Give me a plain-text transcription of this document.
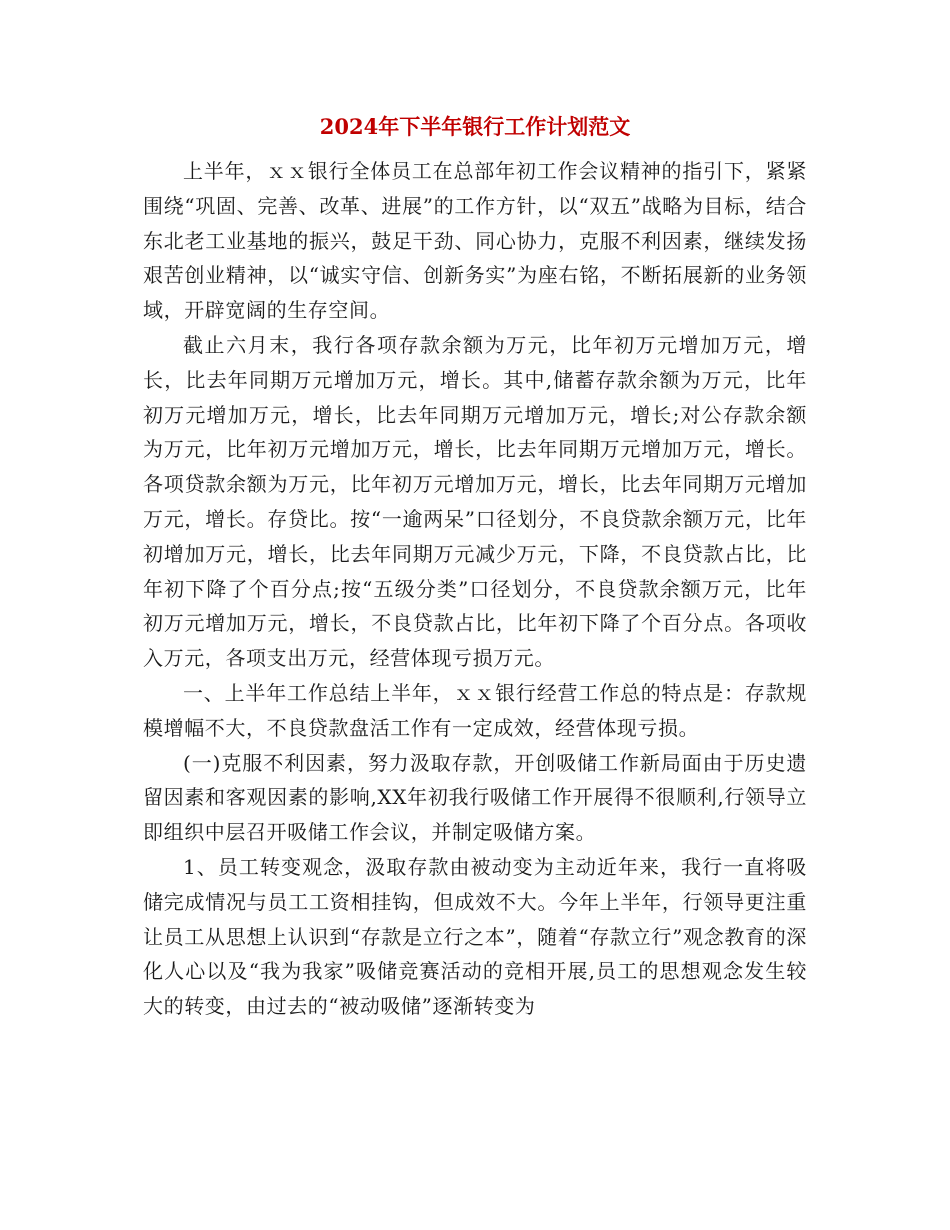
2024年下半年银行工作计划范文

上半年，ｘｘ银行全体员工在总部年初工作会议精神的指引下，紧紧围绕“巩固、完善、改革、进展”的工作方针，以“双五”战略为目标，结合东北老工业基地的振兴，鼓足干劲、同心协力，克服不利因素，继续发扬艰苦创业精神，以“诚实守信、创新务实”为座右铭，不断拓展新的业务领域，开辟宽阔的生存空间。

截止六月末，我行各项存款余额为万元，比年初万元增加万元，增长，比去年同期万元增加万元，增长。其中,储蓄存款余额为万元，比年初万元增加万元，增长，比去年同期万元增加万元，增长;对公存款余额为万元，比年初万元增加万元，增长，比去年同期万元增加万元，增长。各项贷款余额为万元，比年初万元增加万元，增长，比去年同期万元增加万元，增长。存贷比。按“一逾两呆”口径划分，不良贷款余额万元，比年初增加万元，增长，比去年同期万元减少万元，下降，不良贷款占比，比年初下降了个百分点;按“五级分类”口径划分，不良贷款余额万元，比年初万元增加万元，增长，不良贷款占比，比年初下降了个百分点。各项收入万元，各项支出万元，经营体现亏损万元。

一、上半年工作总结上半年，ｘｘ银行经营工作总的特点是：存款规模增幅不大，不良贷款盘活工作有一定成效，经营体现亏损。

(一)克服不利因素，努力汲取存款，开创吸储工作新局面由于历史遗留因素和客观因素的影响,XX年初我行吸储工作开展得不很顺利,行领导立即组织中层召开吸储工作会议，并制定吸储方案。

1、员工转变观念，汲取存款由被动变为主动近年来，我行一直将吸储完成情况与员工工资相挂钩，但成效不大。今年上半年，行领导更注重让员工从思想上认识到“存款是立行之本”，随着“存款立行”观念教育的深化人心以及“我为我家”吸储竞赛活动的竞相开展,员工的思想观念发生较大的转变，由过去的“被动吸储”逐渐转变为
